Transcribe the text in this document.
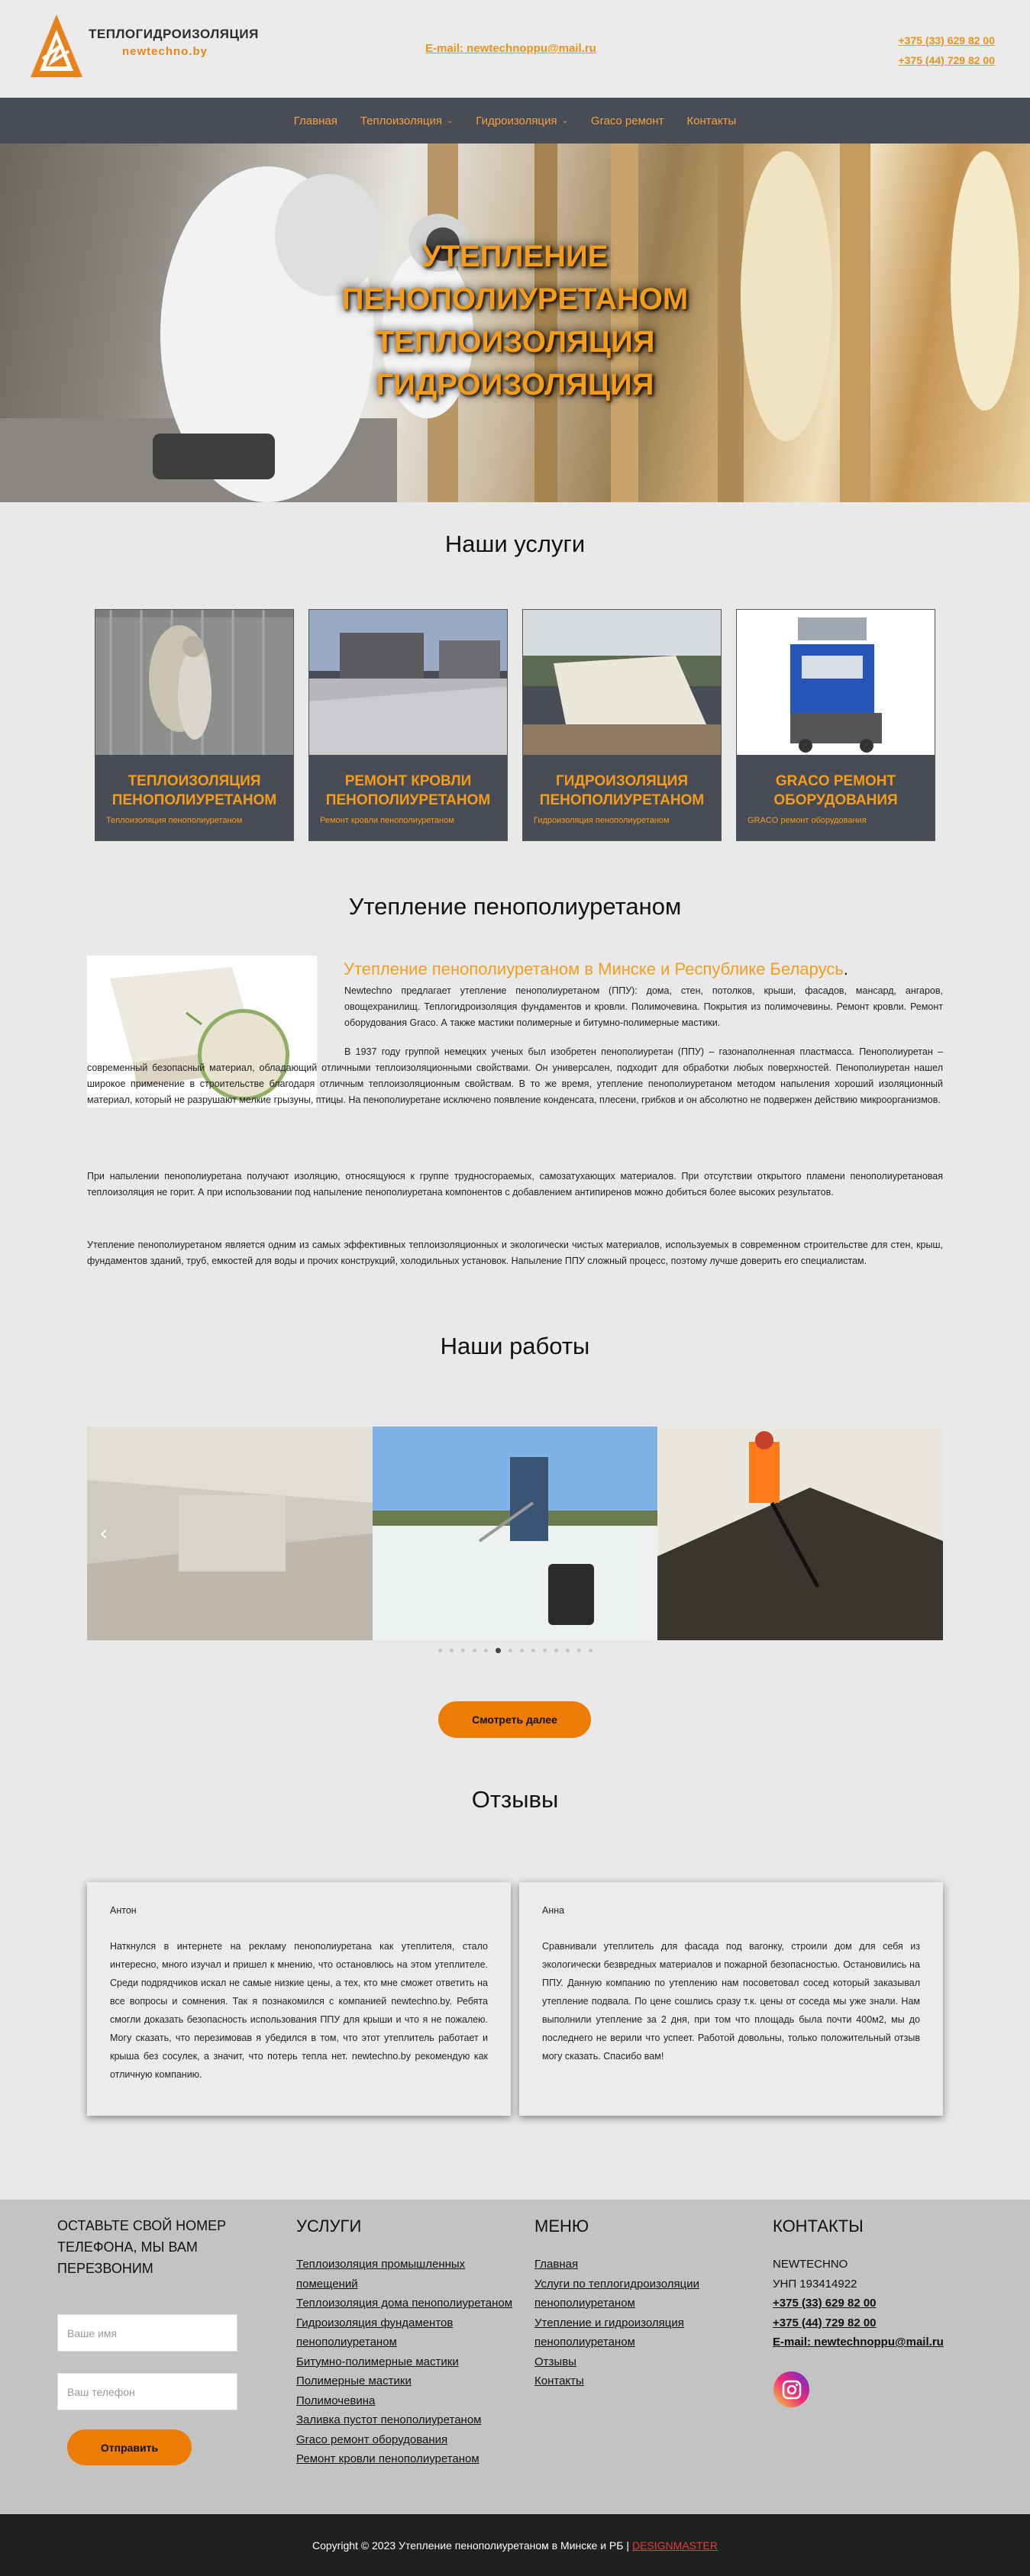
ТЕПЛОГИДРОИЗОЛЯЦИЯ
newtechno.by	E-mail: newtechnoppu@mail.ru
+375 (33) 629 82 00
+375 (44) 729 82 00
Главная Теплоизоляция ⌄ Гидроизоляция ⌄ Graco ремонт Контакты
УТЕПЛЕНИЕ
ПЕНОПОЛИУРЕТАНОМ
ТЕПЛОИЗОЛЯЦИЯ
ГИДРОИЗОЛЯЦИЯ
Наши услуги
ТЕПЛОИЗОЛЯЦИЯ
ПЕНОПОЛИУРЕТАНОМ
Теплоизоляция пенополиуретаном
РЕМОНТ КРОВЛИ
ПЕНОПОЛИУРЕТАНОМ
Ремонт кровли пенополиуретаном
ГИДРОИЗОЛЯЦИЯ
ПЕНОПОЛИУРЕТАНОМ
Гидроизоляция пенополиуретаном
GRACO РЕМОНТ
ОБОРУДОВАНИЯ
GRACO ремонт оборудования
Утепление пенополиуретаном
Утепление пенополиуретаном в Минске и Республике Беларусь.
Newtechno предлагает утепление пенополиуретаном (ППУ): дома, стен, потолков, крыши, фасадов, мансард, ангаров, овощехранилищ. Теплогидроизоляция фундаментов и кровли. Полимочевина. Покрытия из полимочевины. Ремонт кровли. Ремонт оборудования Graco. А также мастики полимерные и битумно-полимерные мастики.
В 1937 году группой немецких ученых был изобретен пенополиуретан (ППУ) – газонаполненная пластмасса. Пенополиуретан – современный безопасный материал, обладающий отличными теплоизоляционными свойствами. Он универсален, подходит для обработки любых поверхностей. Пенополиуретан нашел широкое применение в строительстве благодаря отличным теплоизоляционным свойствам. В то же время, утепление пенополиуретаном методом напыления хороший изоляционный материал, который не разрушают мелкие грызуны, птицы. На пенополиуретане исключено появление конденсата, плесени, грибков и он абсолютно не подвержен действию микроорганизмов.
При напылении пенополиуретана получают изоляцию, относящуюся к группе трудносгораемых, самозатухающих материалов. При отсутствии открытого пламени пенополиуретановая теплоизоляция не горит. А при использовании под напыление пенополиуретана компонентов с добавлением антипиренов можно добиться более высоких результатов.
Утепление пенополиуретаном является одним из самых эффективных теплоизоляционных и экологически чистых материалов, используемых в современном строительстве для стен, крыш, фундаментов зданий, труб, емкостей для воды и прочих конструкций, холодильных установок. Напыление ППУ сложный процесс, поэтому лучше доверить его специалистам.
Наши работы
‹
Смотреть далее
Отзывы
Антон
Наткнулся в интернете на рекламу пенополиуретана как утеплителя, стало интересно, много изучал и пришел к мнению, что остановлюсь на этом утеплителе. Среди подрядчиков искал не самые низкие цены, а тех, кто мне сможет ответить на все вопросы и сомнения. Так я познакомился с компанией newtechno.by. Ребята смогли доказать безопасность использования ППУ для крыши и что я не пожалею. Могу сказать, что перезимовав я убедился в том, что этот утеплитель работает и крыша без сосулек, а значит, что потерь тепла нет. newtechno.by рекомендую как отличную компанию.
Анна
Сравнивали утеплитель для фасада под вагонку, строили дом для себя из экологически безвредных материалов и пожарной безопасностью. Остановились на ППУ. Данную компанию по утеплению нам посоветовал сосед который заказывал утепление подвала. По цене сошлись сразу т.к. цены от соседа мы уже знали. Нам выполнили утепление за 2 дня, при том что площадь была почти 400м2, мы до последнего не верили что успеет. Работой довольны, только положительный отзыв могу сказать. Спасибо вам!
ОСТАВЬТЕ СВОЙ НОМЕР ТЕЛЕФОНА, МЫ ВАМ ПЕРЕЗВОНИМ
УСЛУГИ
Теплоизоляция промышленных помещений
Теплоизоляция дома пенополиуретаном
Гидроизоляция фундаментов пенополиуретаном
Битумно-полимерные мастики
Полимерные мастики
Полимочевина
Заливка пустот пенополиуретаном
Graco ремонт оборудования
Ремонт кровли пенополиуретаном
МЕНЮ
Главная
Услуги по теплогидроизоляции пенополиуретаном
Утепление и гидроизоляция пенополиуретаном
Отзывы
Контакты
КОНТАКТЫ
NEWTECHNO
УНП 193414922
+375 (33) 629 82 00
+375 (44) 729 82 00
E-mail: newtechnoppu@mail.ru
Ваше имя
Ваш телефон
Отправить
Copyright © 2023 Утепление пенополиуретаном в Минске и РБ | DESIGNMASTER
